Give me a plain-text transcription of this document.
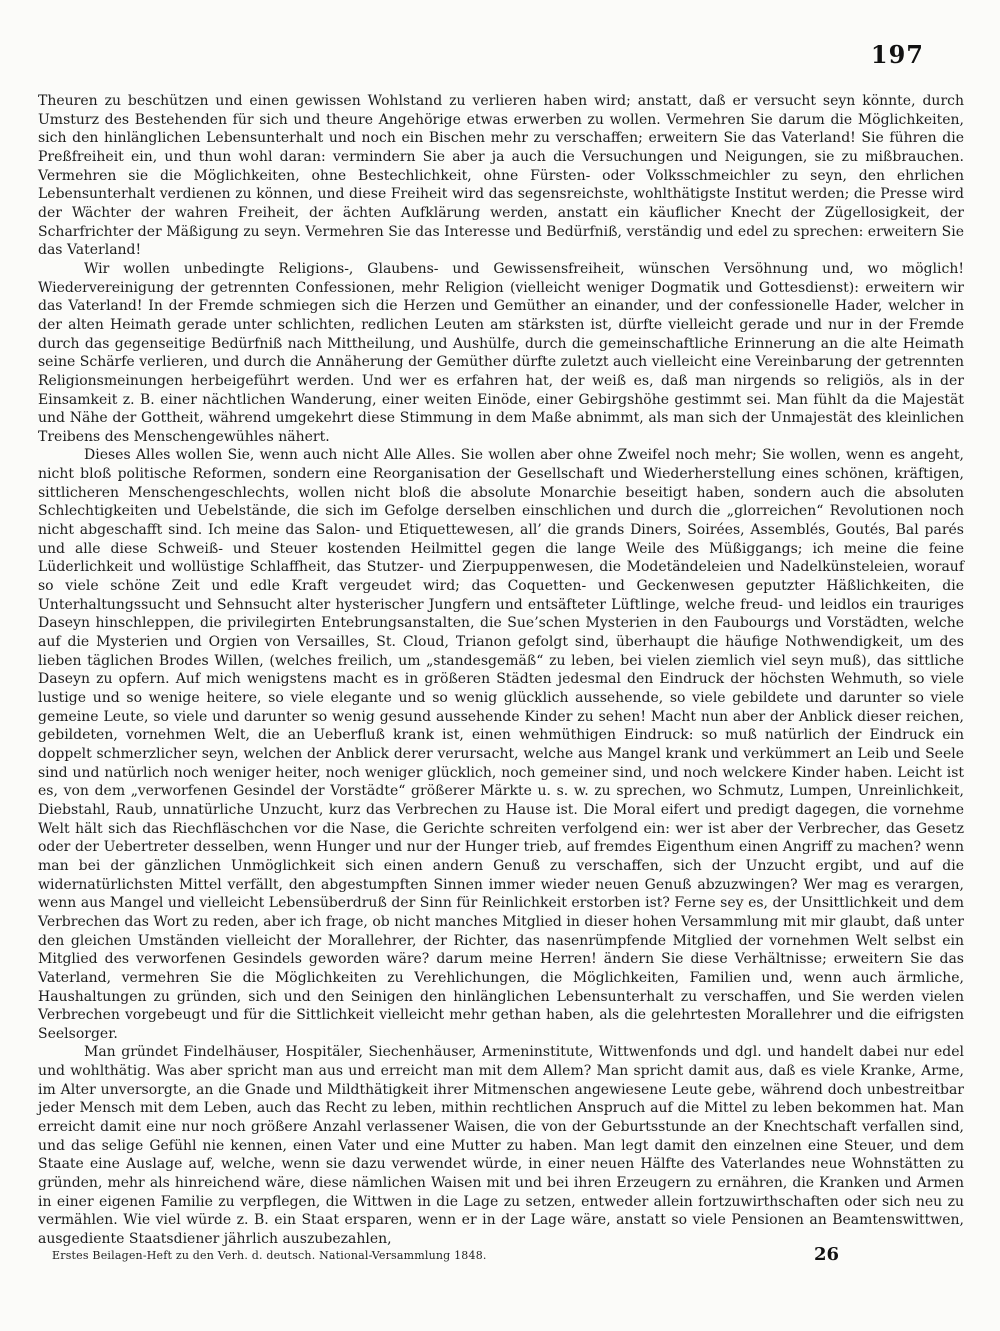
197

Theuren zu beschützen und einen gewissen Wohlstand zu verlieren haben wird; anstatt, daß er versucht seyn könnte, durch Umsturz des Bestehenden für sich und theure Angehörige etwas erwerben zu wollen. Vermehren Sie darum die Möglichkeiten, sich den hinlänglichen Lebensunterhalt und noch ein Bischen mehr zu verschaffen; erweitern Sie das Vaterland! Sie führen die Preßfreiheit ein, und thun wohl daran: vermindern Sie aber ja auch die Versuchungen und Neigungen, sie zu mißbrauchen. Vermehren sie die Möglichkeiten, ohne Bestechlichkeit, ohne Fürsten- oder Volksschmeichler zu seyn, den ehrlichen Lebensunterhalt verdienen zu können, und diese Freiheit wird das segensreichste, wohlthätigste Institut werden; die Presse wird der Wächter der wahren Freiheit, der ächten Aufklärung werden, anstatt ein käuflicher Knecht der Zügellosigkeit, der Scharfrichter der Mäßigung zu seyn. Vermehren Sie das Interesse und Bedürfniß, verständig und edel zu sprechen: erweitern Sie das Vaterland!

Wir wollen unbedingte Religions-, Glaubens- und Gewissensfreiheit, wünschen Versöhnung und, wo möglich! Wiedervereinigung der getrennten Confessionen, mehr Religion (vielleicht weniger Dogmatik und Gottesdienst): erweitern wir das Vaterland! In der Fremde schmiegen sich die Herzen und Gemüther an einander, und der confessionelle Hader, welcher in der alten Heimath gerade unter schlichten, redlichen Leuten am stärksten ist, dürfte vielleicht gerade und nur in der Fremde durch das gegenseitige Bedürfniß nach Mittheilung, und Aushülfe, durch die gemeinschaftliche Erinnerung an die alte Heimath seine Schärfe verlieren, und durch die Annäherung der Gemüther dürfte zuletzt auch vielleicht eine Vereinbarung der getrennten Religionsmeinungen herbeigeführt werden. Und wer es erfahren hat, der weiß es, daß man nirgends so religiös, als in der Einsamkeit z. B. einer nächtlichen Wanderung, einer weiten Einöde, einer Gebirgshöhe gestimmt sei. Man fühlt da die Majestät und Nähe der Gottheit, während umgekehrt diese Stimmung in dem Maße abnimmt, als man sich der Unmajestät des kleinlichen Treibens des Menschengewühles nähert.

Dieses Alles wollen Sie, wenn auch nicht Alle Alles. Sie wollen aber ohne Zweifel noch mehr; Sie wollen, wenn es angeht, nicht bloß politische Reformen, sondern eine Reorganisation der Gesellschaft und Wiederherstellung eines schönen, kräftigen, sittlicheren Menschengeschlechts, wollen nicht bloß die absolute Monarchie beseitigt haben, sondern auch die absoluten Schlechtigkeiten und Uebelstände, die sich im Gefolge derselben einschlichen und durch die „glorreichen“ Revolutionen noch nicht abgeschafft sind. Ich meine das Salon- und Etiquettewesen, all’ die grands Diners, Soirées, Assemblés, Goutés, Bal parés und alle diese Schweiß- und Steuer kostenden Heilmittel gegen die lange Weile des Müßiggangs; ich meine die feine Lüderlichkeit und wollüstige Schlaffheit, das Stutzer- und Zierpuppenwesen, die Modetändeleien und Nadelkünsteleien, worauf so viele schöne Zeit und edle Kraft vergeudet wird; das Coquetten- und Geckenwesen geputzter Häßlichkeiten, die Unterhaltungssucht und Sehnsucht alter hysterischer Jungfern und entsäfteter Lüftlinge, welche freud- und leidlos ein trauriges Daseyn hinschleppen, die privilegirten Entebrungsanstalten, die Sue’schen Mysterien in den Faubourgs und Vorstädten, welche auf die Mysterien und Orgien von Versailles, St. Cloud, Trianon gefolgt sind, überhaupt die häufige Nothwendigkeit, um des lieben täglichen Brodes Willen, (welches freilich, um „standesgemäß“ zu leben, bei vielen ziemlich viel seyn muß), das sittliche Daseyn zu opfern. Auf mich wenigstens macht es in größeren Städten jedesmal den Eindruck der höchsten Wehmuth, so viele lustige und so wenige heitere, so viele elegante und so wenig glücklich aussehende, so viele gebildete und darunter so viele gemeine Leute, so viele und darunter so wenig gesund aussehende Kinder zu sehen! Macht nun aber der Anblick dieser reichen, gebildeten, vornehmen Welt, die an Ueberfluß krank ist, einen wehmüthigen Eindruck: so muß natürlich der Eindruck ein doppelt schmerzlicher seyn, welchen der Anblick derer verursacht, welche aus Mangel krank und verkümmert an Leib und Seele sind und natürlich noch weniger heiter, noch weniger glücklich, noch gemeiner sind, und noch welckere Kinder haben. Leicht ist es, von dem „verworfenen Gesindel der Vorstädte“ größerer Märkte u. s. w. zu sprechen, wo Schmutz, Lumpen, Unreinlichkeit, Diebstahl, Raub, unnatürliche Unzucht, kurz das Verbrechen zu Hause ist. Die Moral eifert und predigt dagegen, die vornehme Welt hält sich das Riechfläschchen vor die Nase, die Gerichte schreiten verfolgend ein: wer ist aber der Verbrecher, das Gesetz oder der Uebertreter desselben, wenn Hunger und nur der Hunger trieb, auf fremdes Eigenthum einen Angriff zu machen? wenn man bei der gänzlichen Unmöglichkeit sich einen andern Genuß zu verschaffen, sich der Unzucht ergibt, und auf die widernatürlichsten Mittel verfällt, den abgestumpften Sinnen immer wieder neuen Genuß abzuzwingen? Wer mag es verargen, wenn aus Mangel und vielleicht Lebensüberdruß der Sinn für Reinlichkeit erstorben ist? Ferne sey es, der Unsittlichkeit und dem Verbrechen das Wort zu reden, aber ich frage, ob nicht manches Mitglied in dieser hohen Versammlung mit mir glaubt, daß unter den gleichen Umständen vielleicht der Morallehrer, der Richter, das nasenrümpfende Mitglied der vornehmen Welt selbst ein Mitglied des verworfenen Gesindels geworden wäre? darum meine Herren! ändern Sie diese Verhältnisse; erweitern Sie das Vaterland, vermehren Sie die Möglichkeiten zu Verehlichungen, die Möglichkeiten, Familien und, wenn auch ärmliche, Haushaltungen zu gründen, sich und den Seinigen den hinlänglichen Lebensunterhalt zu verschaffen, und Sie werden vielen Verbrechen vorgebeugt und für die Sittlichkeit vielleicht mehr gethan haben, als die gelehrtesten Morallehrer und die eifrigsten Seelsorger.

Man gründet Findelhäuser, Hospitäler, Siechenhäuser, Armeninstitute, Wittwenfonds und dgl. und handelt dabei nur edel und wohlthätig. Was aber spricht man aus und erreicht man mit dem Allem? Man spricht damit aus, daß es viele Kranke, Arme, im Alter unversorgte, an die Gnade und Mildthätigkeit ihrer Mitmenschen angewiesene Leute gebe, während doch unbestreitbar jeder Mensch mit dem Leben, auch das Recht zu leben, mithin rechtlichen Anspruch auf die Mittel zu leben bekommen hat. Man erreicht damit eine nur noch größere Anzahl verlassener Waisen, die von der Geburtsstunde an der Knechtschaft verfallen sind, und das selige Gefühl nie kennen, einen Vater und eine Mutter zu haben. Man legt damit den einzelnen eine Steuer, und dem Staate eine Auslage auf, welche, wenn sie dazu verwendet würde, in einer neuen Hälfte des Vaterlandes neue Wohnstätten zu gründen, mehr als hinreichend wäre, diese nämlichen Waisen mit und bei ihren Erzeugern zu ernähren, die Kranken und Armen in einer eigenen Familie zu verpflegen, die Wittwen in die Lage zu setzen, entweder allein fortzuwirthschaften oder sich neu zu vermählen. Wie viel würde z. B. ein Staat ersparen, wenn er in der Lage wäre, anstatt so viele Pensionen an Beamtenswittwen, ausgediente Staatsdiener jährlich auszubezahlen,

Erstes Beilagen-Heft zu den Verh. d. deutsch. National-Versammlung 1848.	26
